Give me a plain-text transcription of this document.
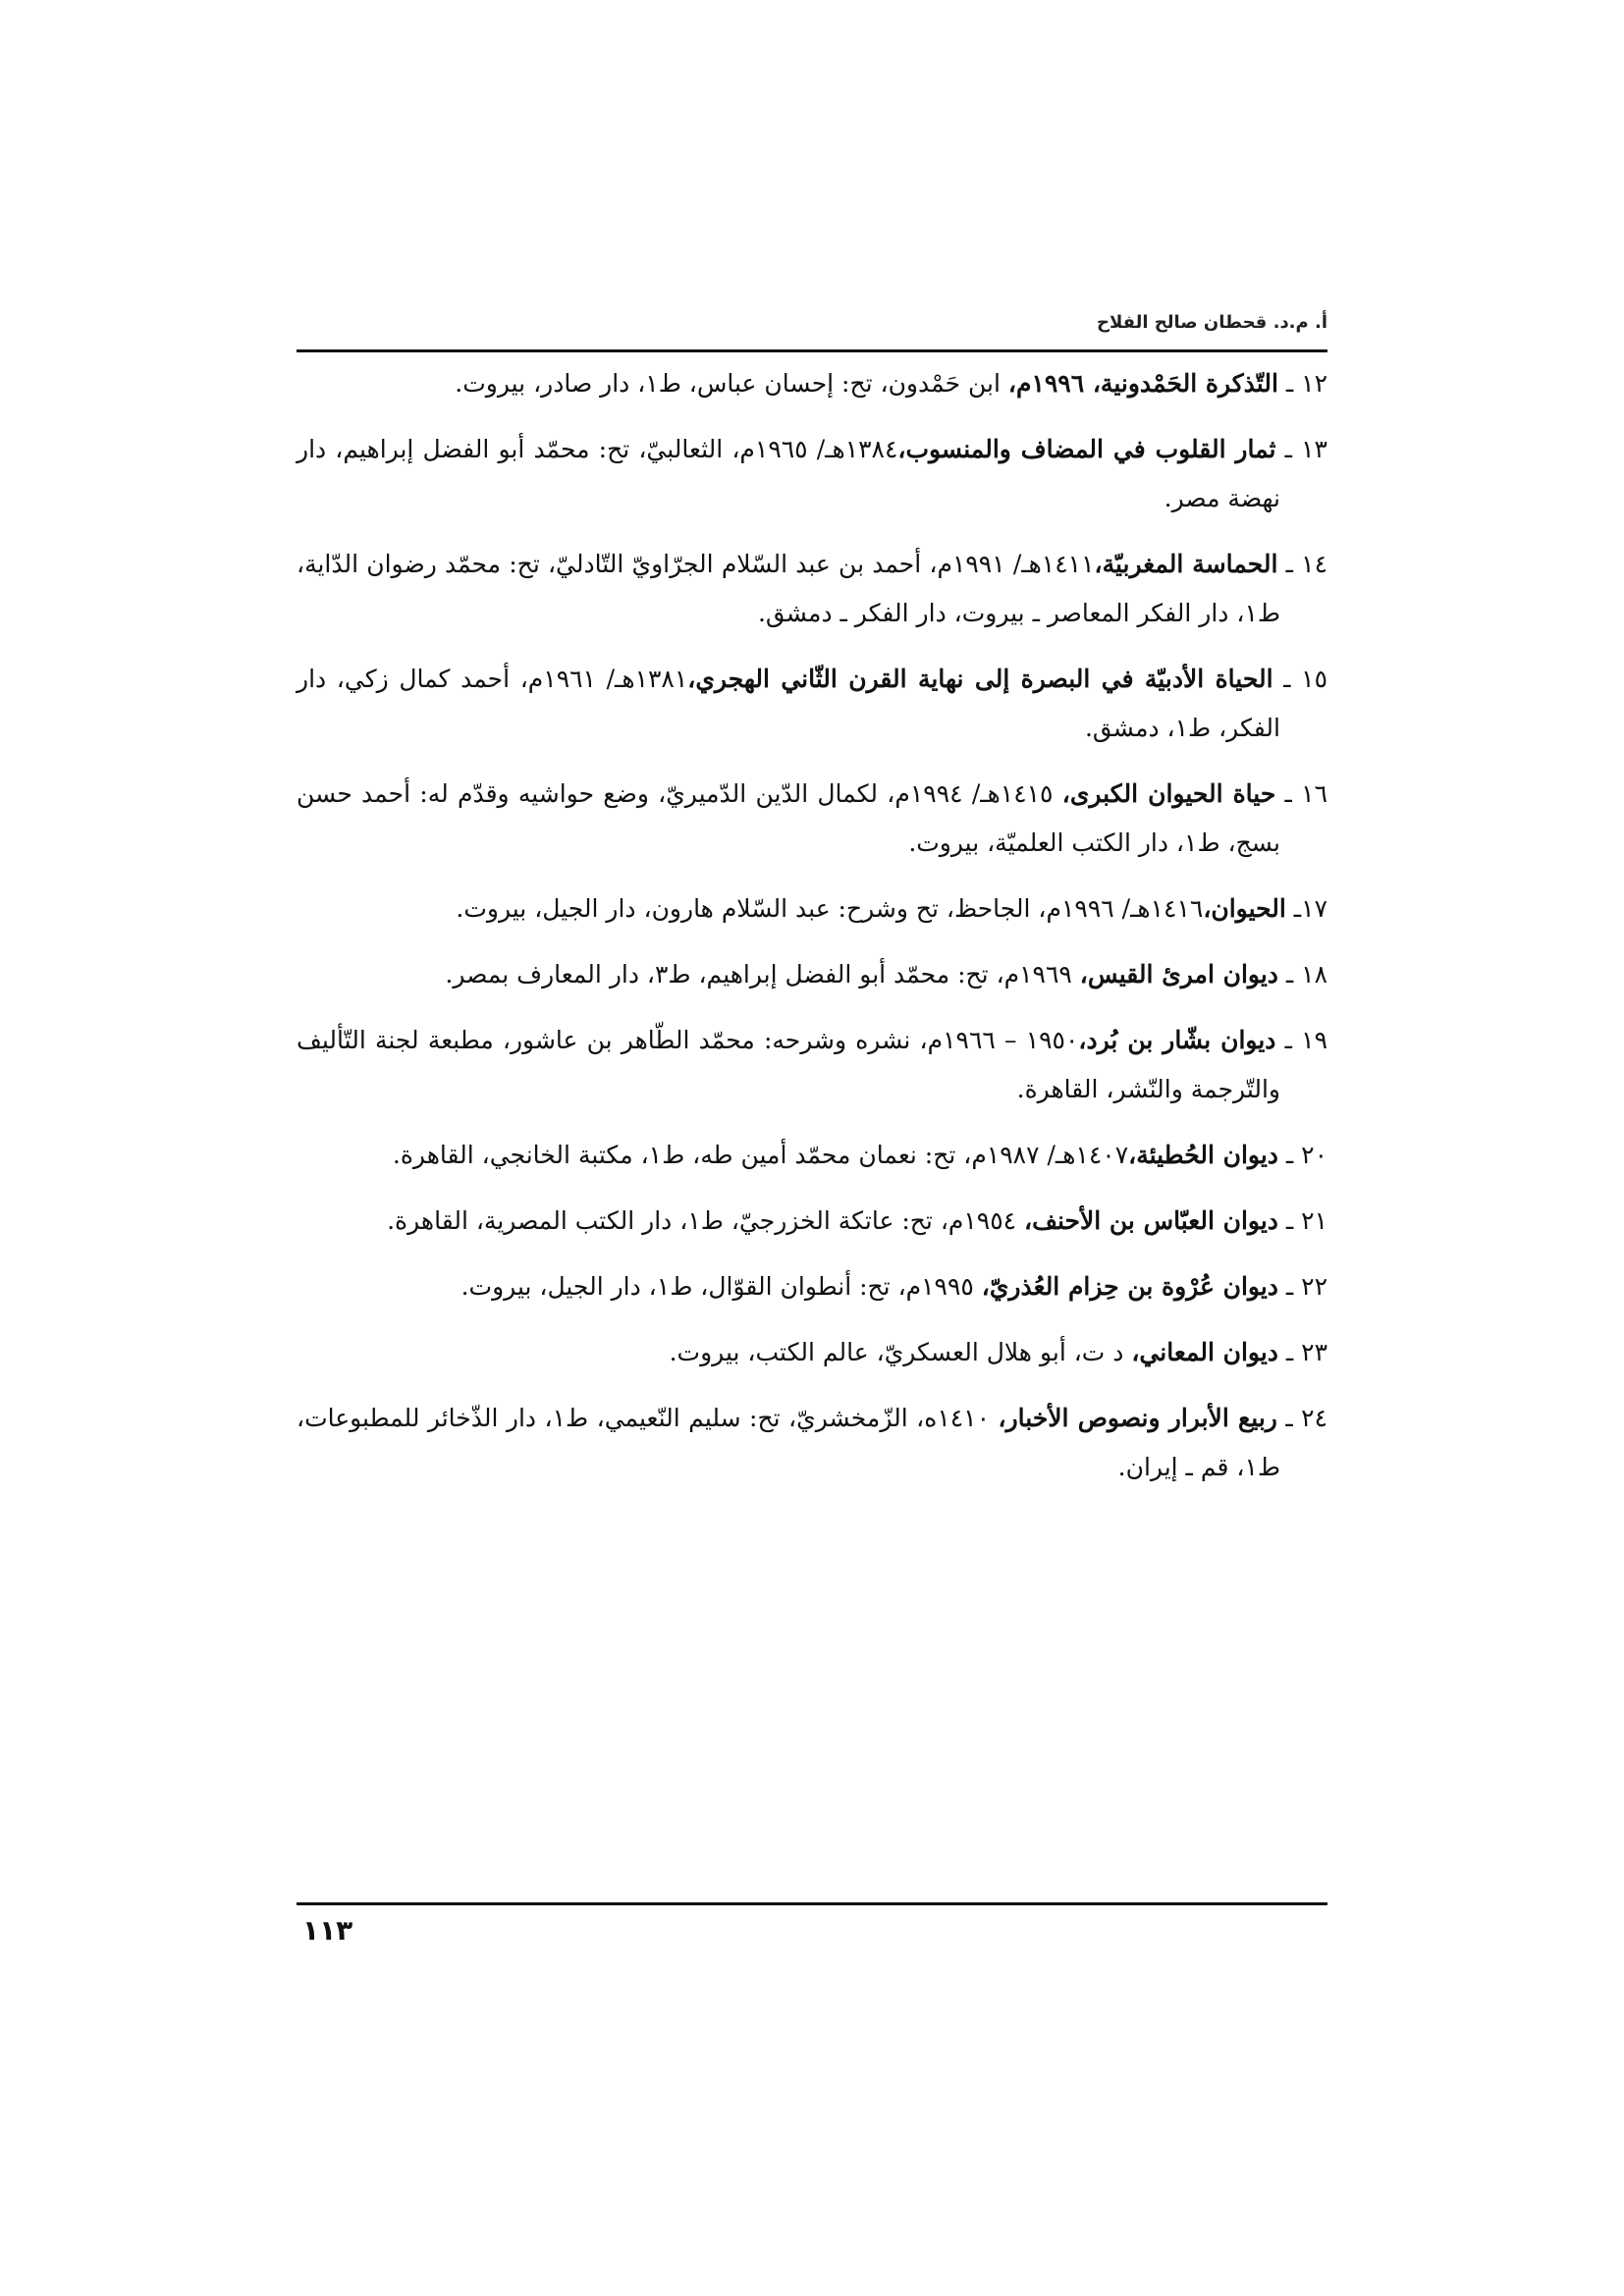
أ. م.د. قحطان صالح الفلاح
١٢ ـ التّذكرة الحَمْدونية، ١٩٩٦م، ابن حَمْدون، تح: إحسان عباس، ط١، دار صادر، بيروت.
١٣ ـ ثمار القلوب في المضاف والمنسوب،١٣٨٤هـ/ ١٩٦٥م، الثعالبيّ، تح: محمّد أبو الفضل إبراهيم، دار نهضة مصر.
١٤ ـ الحماسة المغربيّة،١٤١١هـ/ ١٩٩١م، أحمد بن عبد السّلام الجرّاويّ التّادليّ، تح: محمّد رضوان الدّاية، ط١، دار الفكر المعاصر ـ بيروت، دار الفكر ـ دمشق.
١٥ ـ الحياة الأدبيّة في البصرة إلى نهاية القرن الثّاني الهجري،١٣٨١هـ/ ١٩٦١م، أحمد كمال زكي، دار الفكر، ط١، دمشق.
١٦ ـ حياة الحيوان الكبرى، ١٤١٥هـ/ ١٩٩٤م، لكمال الدّين الدّميريّ، وضع حواشيه وقدّم له: أحمد حسن بسج، ط١، دار الكتب العلميّة، بيروت.
١٧ـ الحيوان،١٤١٦هـ/ ١٩٩٦م، الجاحظ، تح وشرح: عبد السّلام هارون، دار الجيل، بيروت.
١٨ ـ ديوان امرئ القيس، ١٩٦٩م، تح: محمّد أبو الفضل إبراهيم، ط٣، دار المعارف بمصر.
١٩ ـ ديوان بشّار بن بُرد،١٩٥٠ – ١٩٦٦م، نشره وشرحه: محمّد الطّاهر بن عاشور، مطبعة لجنة التّأليف والتّرجمة والنّشر، القاهرة.
٢٠ ـ ديوان الحُطيئة،١٤٠٧هـ/ ١٩٨٧م، تح: نعمان محمّد أمين طه، ط١، مكتبة الخانجي، القاهرة.
٢١ ـ ديوان العبّاس بن الأحنف، ١٩٥٤م، تح: عاتكة الخزرجيّ، ط١، دار الكتب المصرية، القاهرة.
٢٢ ـ ديوان عُرْوة بن حِزام العُذريّ، ١٩٩٥م، تح: أنطوان القوّال، ط١، دار الجيل، بيروت.
٢٣ ـ ديوان المعاني، د ت، أبو هلال العسكريّ، عالم الكتب، بيروت.
٢٤ ـ ربيع الأبرار ونصوص الأخبار، ١٤١٠ه، الزّمخشريّ، تح: سليم النّعيمي، ط١، دار الذّخائر للمطبوعات، ط١، قم ـ إيران.
١١٣
